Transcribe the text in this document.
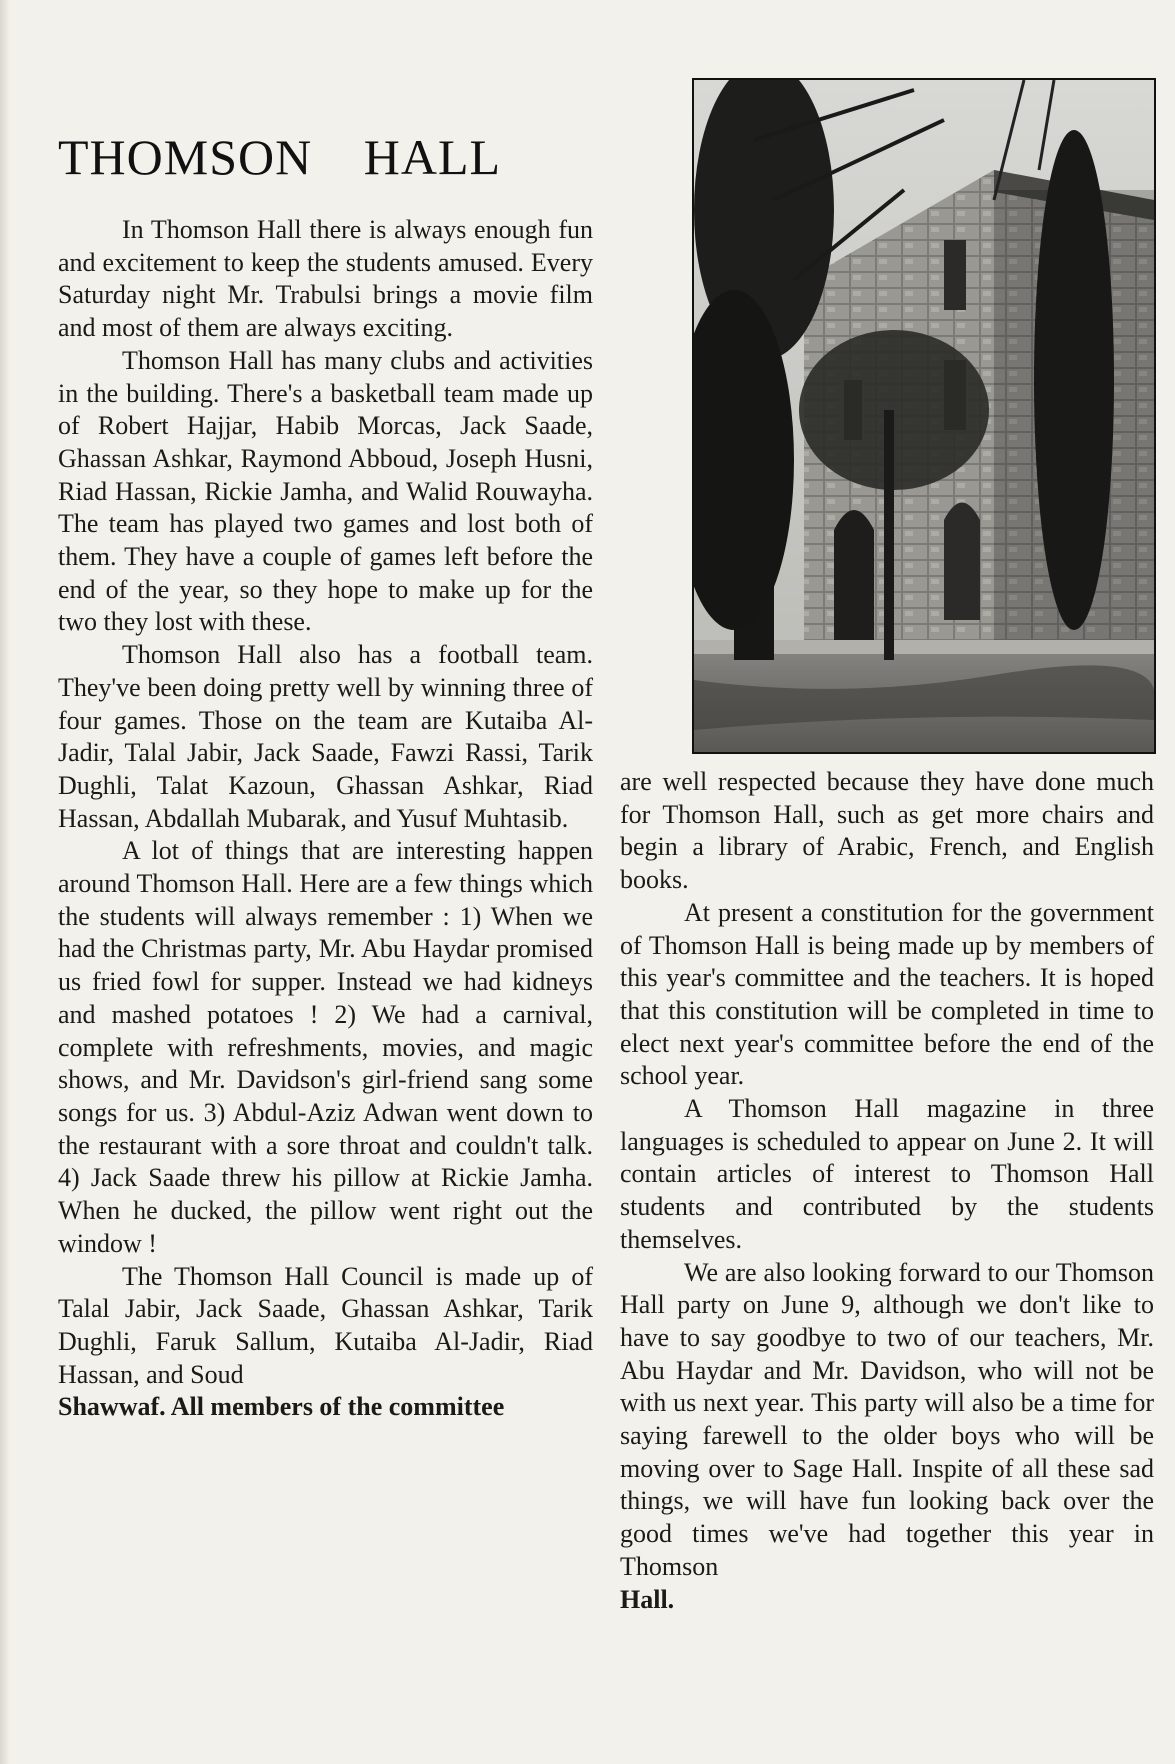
THOMSON HALL

In Thomson Hall there is always enough fun and excitement to keep the students amused. Every Saturday night Mr. Trabulsi brings a movie film and most of them are always exciting.

Thomson Hall has many clubs and activities in the building. There's a basketball team made up of Robert Hajjar, Habib Morcas, Jack Saade, Ghassan Ashkar, Raymond Abboud, Joseph Husni, Riad Hassan, Rickie Jamha, and Walid Rouwayha. The team has played two games and lost both of them. They have a couple of games left before the end of the year, so they hope to make up for the two they lost with these.

Thomson Hall also has a football team. They've been doing pretty well by winning three of four games. Those on the team are Kutaiba Al-Jadir, Talal Jabir, Jack Saade, Fawzi Rassi, Tarik Dughli, Talat Kazoun, Ghassan Ashkar, Riad Hassan, Abdallah Mubarak, and Yusuf Muhtasib.

A lot of things that are interesting happen around Thomson Hall. Here are a few things which the students will always remember : 1) When we had the Christmas party, Mr. Abu Haydar promised us fried fowl for supper. Instead we had kidneys and mashed potatoes ! 2) We had a carnival, complete with refreshments, movies, and magic shows, and Mr. Davidson's girl-friend sang some songs for us. 3) Abdul-Aziz Adwan went down to the restaurant with a sore throat and couldn't talk. 4) Jack Saade threw his pillow at Rickie Jamha. When he ducked, the pillow went right out the window !

The Thomson Hall Council is made up of Talal Jabir, Jack Saade, Ghassan Ashkar, Tarik Dughli, Faruk Sallum, Kutaiba Al-Jadir, Riad Hassan, and Soud

Shawwaf. All members of the committee

are well respected because they have done much for Thomson Hall, such as get more chairs and begin a library of Arabic, French, and English books.

At present a constitution for the government of Thomson Hall is being made up by members of this year's committee and the teachers. It is hoped that this constitution will be completed in time to elect next year's committee before the end of the school year.

A Thomson Hall magazine in three languages is scheduled to appear on June 2. It will contain articles of interest to Thomson Hall students and contributed by the students themselves.

We are also looking forward to our Thomson Hall party on June 9, although we don't like to have to say goodbye to two of our teachers, Mr. Abu Haydar and Mr. Davidson, who will not be with us next year. This party will also be a time for saying farewell to the older boys who will be moving over to Sage Hall. Inspite of all these sad things, we will have fun looking back over the good times we've had together this year in Thomson

Hall.
